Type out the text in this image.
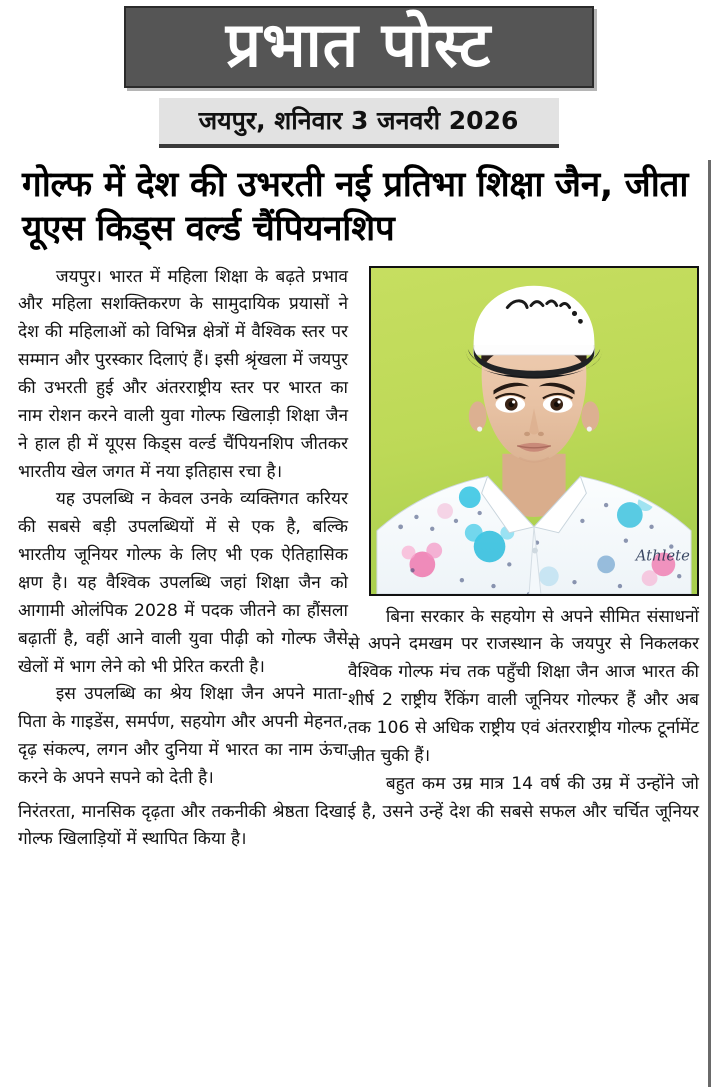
प्रभात पोस्ट
जयपुर, शनिवार 3 जनवरी 2026
गोल्फ में देश की उभरती नई प्रतिभा शिक्षा जैन, जीता यूएस किड्स वर्ल्ड चैंपियनशिप
Athlete

जयपुर। भारत में महिला शिक्षा के बढ़ते प्रभाव और महिला सशक्तिकरण के सामुदायिक प्रयासों ने देश की महिलाओं को विभिन्न क्षेत्रों में वैश्विक स्तर पर सम्मान और पुरस्कार दिलाएं हैं। इसी श्रृंखला में जयपुर की उभरती हुई और अंतरराष्ट्रीय स्तर पर भारत का नाम रोशन करने वाली युवा गोल्फ खिलाड़ी शिक्षा जैन ने हाल ही में यूएस किड्स वर्ल्ड चैंपियनशिप जीतकर भारतीय खेल जगत में नया इतिहास रचा है।

यह उपलब्धि न केवल उनके व्यक्तिगत करियर की सबसे बड़ी उपलब्धियों में से एक है, बल्कि भारतीय जूनियर गोल्फ के लिए भी एक ऐतिहासिक क्षण है। यह वैश्विक उपलब्धि जहां शिक्षा जैन को आगामी ओलंपिक 2028 में पदक जीतने का हौंसला बढ़ातीं है, वहीं आने वाली युवा पीढ़ी को गोल्फ जैसे खेलों में भाग लेने को भी प्रेरित करती है।

इस उपलब्धि का श्रेय शिक्षा जैन अपने माता-पिता के गाइडेंस, समर्पण, सहयोग और अपनी मेहनत, दृढ़ संकल्प, लगन और दुनिया में भारत का नाम ऊंचा करने के अपने सपने को देती है।

बिना सरकार के सहयोग से अपने सीमित संसाधनों से अपने दमखम पर राजस्थान के जयपुर से निकलकर वैश्विक गोल्फ मंच तक पहुँची शिक्षा जैन आज भारत की शीर्ष 2 राष्ट्रीय रैंकिंग वाली जूनियर गोल्फर हैं और अब तक 106 से अधिक राष्ट्रीय एवं अंतरराष्ट्रीय गोल्फ टूर्नामेंट जीत चुकी हैं।

बहुत कम उम्र मात्र 14 वर्ष की उम्र में उन्होंने जो निरंतरता, मानसिक दृढ़ता और तकनीकी श्रेष्ठता दिखाई है, उसने उन्हें देश की सबसे सफल और चर्चित जूनियर गोल्फ खिलाड़ियों में स्थापित किया है।
